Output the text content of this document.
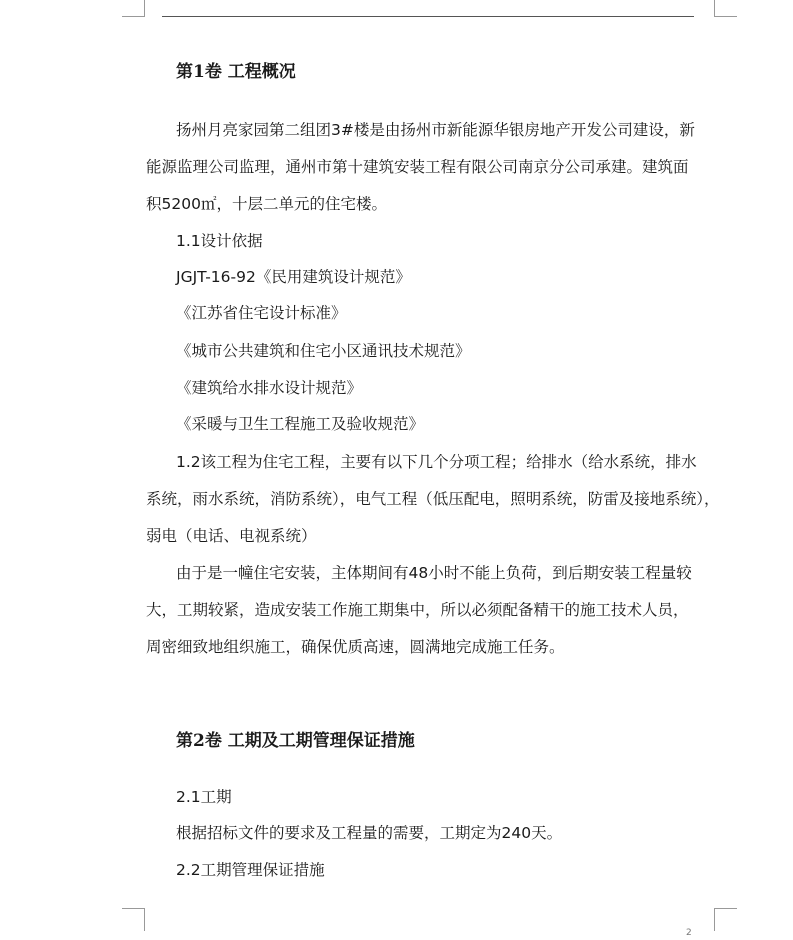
第1卷 工程概况
扬州月亮家园第二组团3#楼是由扬州市新能源华银房地产开发公司建设，新
能源监理公司监理，通州市第十建筑安装工程有限公司南京分公司承建。建筑面
积5200㎡，十层二单元的住宅楼。
1.1设计依据
JGJT-16-92《民用建筑设计规范》
《江苏省住宅设计标准》
《城市公共建筑和住宅小区通讯技术规范》
《建筑给水排水设计规范》
《采暖与卫生工程施工及验收规范》
1.2该工程为住宅工程，主要有以下几个分项工程；给排水（给水系统，排水
系统，雨水系统，消防系统），电气工程（低压配电，照明系统，防雷及接地系统），
弱电（电话、电视系统）
由于是一幢住宅安装，主体期间有48小时不能上负荷，到后期安装工程量较
大，工期较紧，造成安装工作施工期集中，所以必须配备精干的施工技术人员，
周密细致地组织施工，确保优质高速，圆满地完成施工任务。
第2卷 工期及工期管理保证措施
2.1工期
根据招标文件的要求及工程量的需要，工期定为240天。
2.2工期管理保证措施
2
